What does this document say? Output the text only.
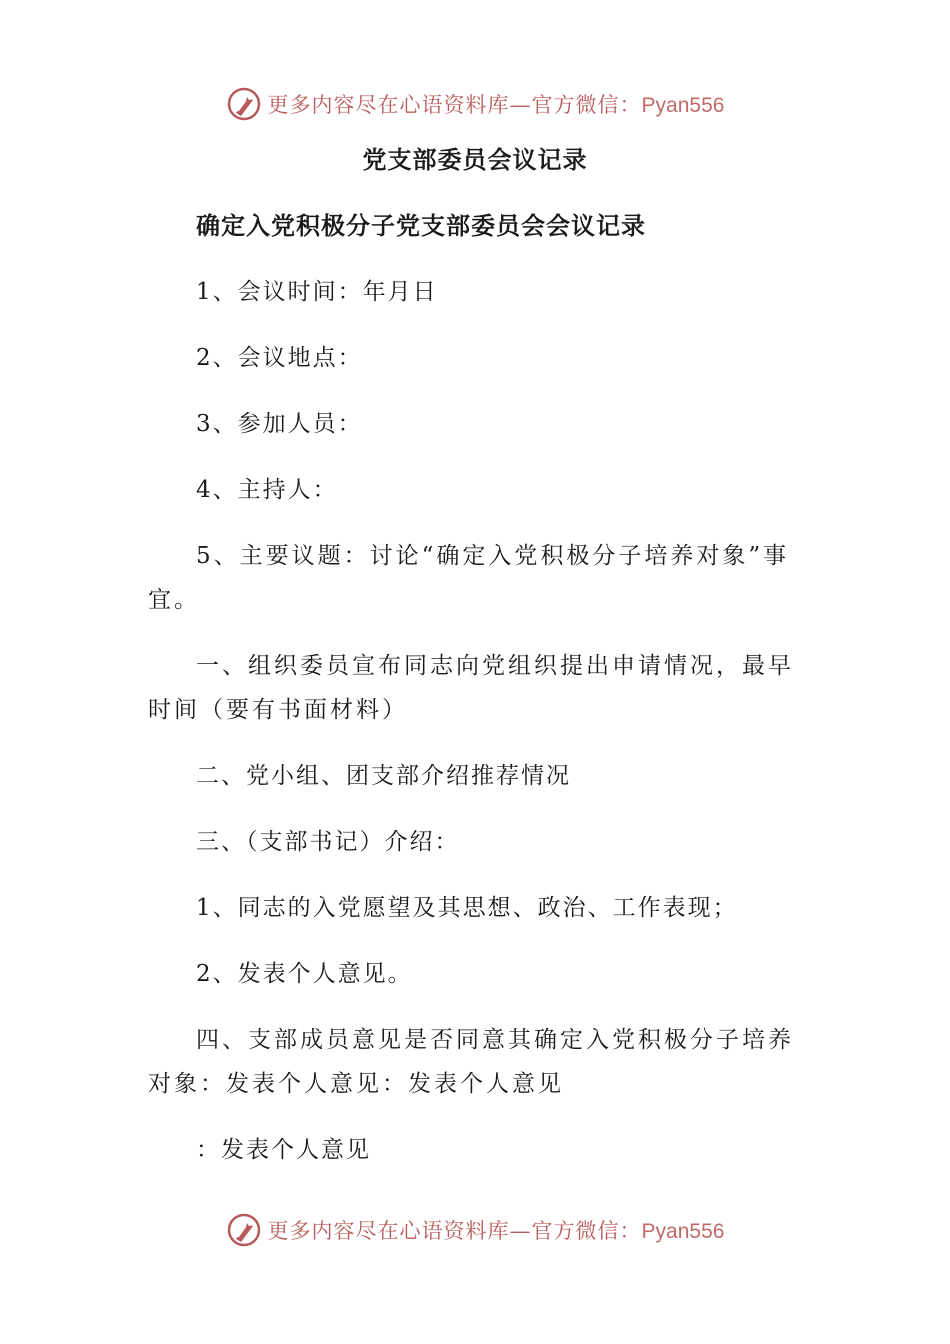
更多内容尽在心语资料库—官方微信：Pyan556
党支部委员会议记录
确定入党积极分子党支部委员会会议记录
1、会议时间：年月日
2、会议地点：
3、参加人员：
4、主持人：
5、主要议题：讨论“确定入党积极分子培养对象”事宜。
一、组织委员宣布同志向党组织提出申请情况，最早时间（要有书面材料）
二、党小组、团支部介绍推荐情况
三、（支部书记）介绍：
1、同志的入党愿望及其思想、政治、工作表现；
2、发表个人意见。
四、支部成员意见是否同意其确定入党积极分子培养对象：发表个人意见：发表个人意见
：发表个人意见
更多内容尽在心语资料库—官方微信：Pyan556
